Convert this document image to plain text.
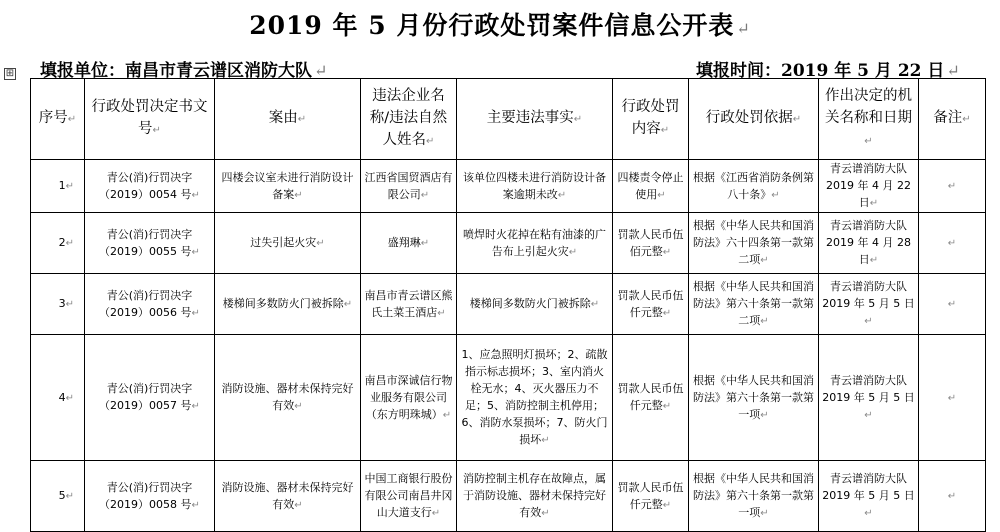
2019 年 5 月份行政处罚案件信息公开表 ↵
填报单位：南昌市青云谱区消防大队 ↵	填报时间：2019 年 5 月 22 日 ↵
⊞
序号↵	行政处罚决定书文号↵	案由↵	违法企业名称/违法自然人姓名↵	主要违法事实↵	行政处罚内容↵	行政处罚依据↵	作出决定的机关名称和日期↵	备注↵
1↵	青公(消)行罚决字（2019）0054 号↵	四楼会议室未进行消防设计备案↵	江西省国贸酒店有限公司↵	该单位四楼未进行消防设计备案逾期未改↵	四楼责令停止使用↵	根据《江西省消防条例第八十条》↵	青云谱消防大队 2019 年 4 月 22 日↵	↵
2↵	青公(消)行罚决字（2019）0055 号↵	过失引起火灾↵	盛翔琳↵	喷焊时火花掉在粘有油漆的广告布上引起火灾↵	罚款人民币伍佰元整↵	根据《中华人民共和国消防法》六十四条第一款第二项↵	青云谱消防大队 2019 年 4 月 28 日↵	↵
3↵	青公(消)行罚决字（2019）0056 号↵	楼梯间多数防火门被拆除↵	南昌市青云谱区熊氏土菜王酒店↵	楼梯间多数防火门被拆除↵	罚款人民币伍仟元整↵	根据《中华人民共和国消防法》第六十条第一款第二项↵	青云谱消防大队 2019 年 5 月 5 日↵	↵
4↵	青公(消)行罚决字（2019）0057 号↵	消防设施、器材未保持完好有效↵	南昌市深诚信行物业服务有限公司（东方明珠城）↵	1、应急照明灯损坏；2、疏散指示标志损坏；3、室内消火栓无水；4、灭火器压力不足；5、消防控制主机停用；6、消防水泵损坏；7、防火门损坏↵	罚款人民币伍仟元整↵	根据《中华人民共和国消防法》第六十条第一款第一项↵	青云谱消防大队 2019 年 5 月 5 日↵	↵
5↵	青公(消)行罚决字（2019）0058 号↵	消防设施、器材未保持完好有效↵	中国工商银行股份有限公司南昌井冈山大道支行↵	消防控制主机存在故障点，属于消防设施、器材未保持完好有效↵	罚款人民币伍仟元整↵	根据《中华人民共和国消防法》第六十条第一款第一项↵	青云谱消防大队 2019 年 5 月 5 日↵	↵
